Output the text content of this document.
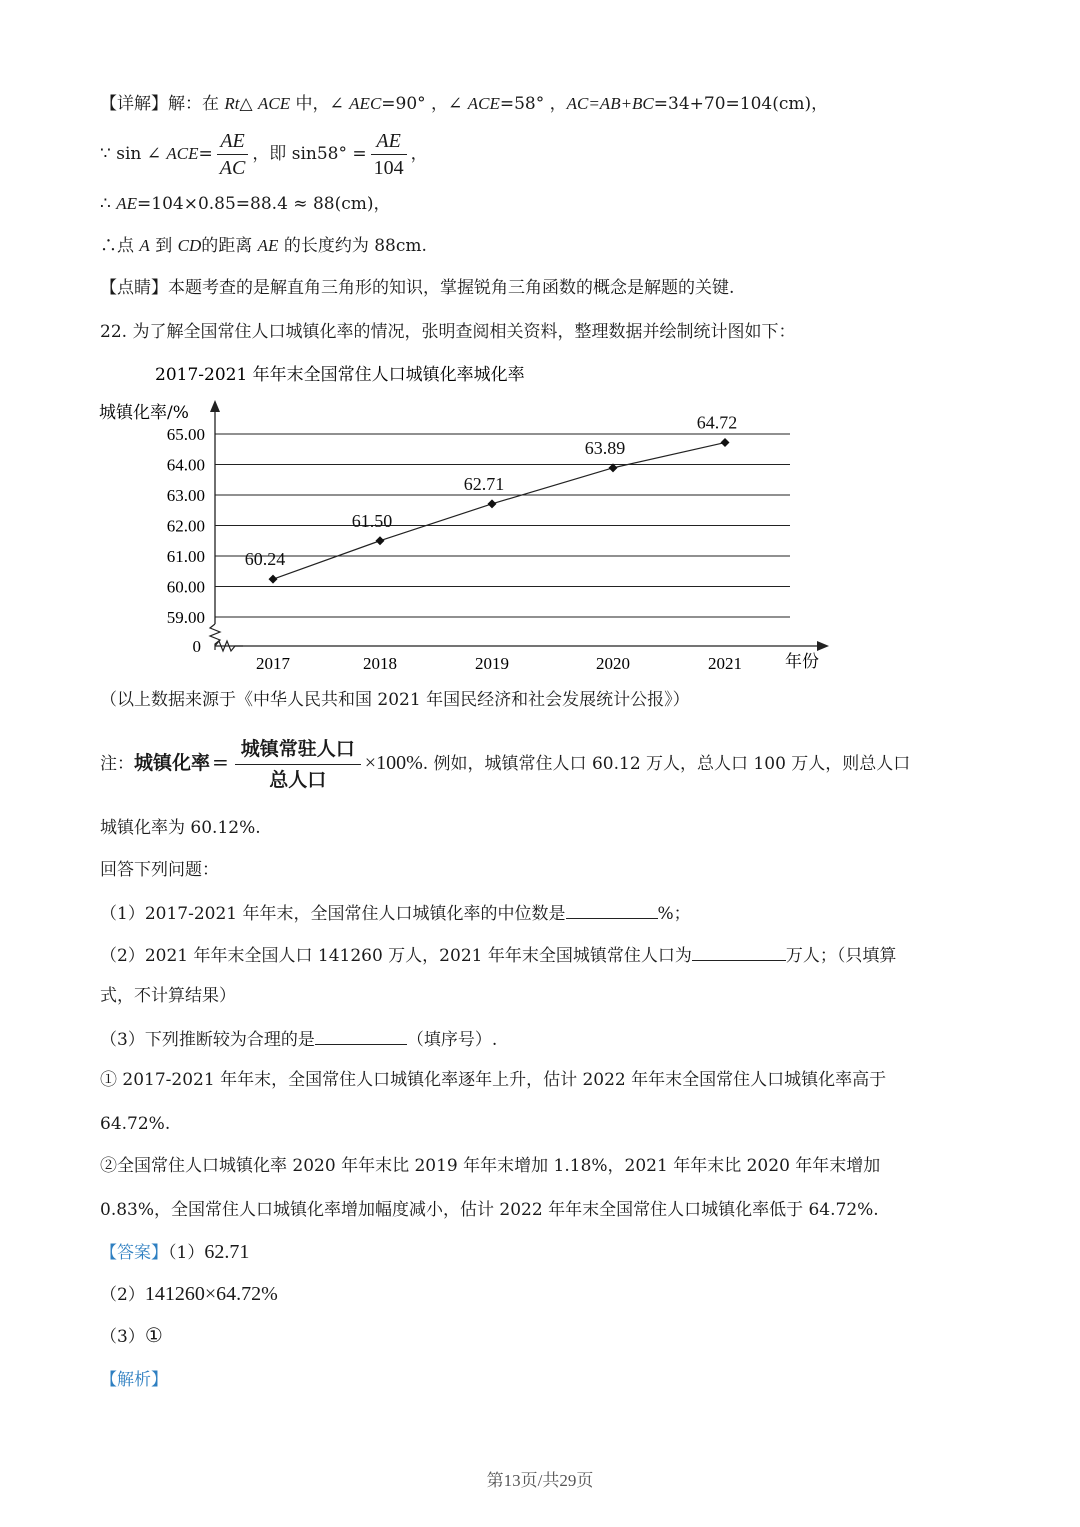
【详解】解：在 Rt△ ACE 中，∠ AEC=90° ，∠ ACE=58° ，AC=AB+BC=34+70=104(cm)，
∵ sin ∠ $ACE= \frac{AE}{AC}$ ，即 $\sin 58^\circ = \frac{AE}{104}$ ，
∴ AE=104×0.85=88.4 ≈ 88(cm)，
∴点 A 到 CD的距离 AE 的长度约为 88cm.
【点睛】本题考查的是解直角三角形的知识，掌握锐角三角函数的概念是解题的关键.
22. 为了解全国常住人口城镇化率的情况，张明查阅相关资料，整理数据并绘制统计图如下：
2017-2021 年年末全国常住人口城镇化率城化率
城镇化率/%
65.00
64.00
63.00
62.00
61.00
60.00
59.00
2017	2018	2019	2020	2021
0
年份
60.24
61.50
62.71
63.89
64.72
（以上数据来源于《中华人民共和国 2021 年国民经济和社会发展统计公报》）
注：城镇化率 = $\frac{\text{城镇常驻人口}}{\text{总人口}} \times 100\%$. 例如，城镇常住人口 60.12 万人，总人口 100 万人，则总人口
城镇化率为 60.12%.
回答下列问题：
（1）2017-2021 年年末，全国常住人口城镇化率的中位数是	%；
（2）2021 年年末全国人口 141260 万人，2021 年年末全国城镇常住人口为	万人；（只填算
式，不计算结果）
（3）下列推断较为合理的是	（填序号）.
① 2017-2021 年年末，全国常住人口城镇化率逐年上升，估计 2022 年年末全国常住人口城镇化率高于
64.72%.
②全国常住人口城镇化率 2020 年年末比 2019 年年末增加 1.18%，2021 年年末比 2020 年年末增加
0.83%，全国常住人口城镇化率增加幅度减小，估计 2022 年年末全国常住人口城镇化率低于 64.72%.
【答案】（1）62.71
（2）141260×64.72%
（3）①
【解析】
第13页/共29页
